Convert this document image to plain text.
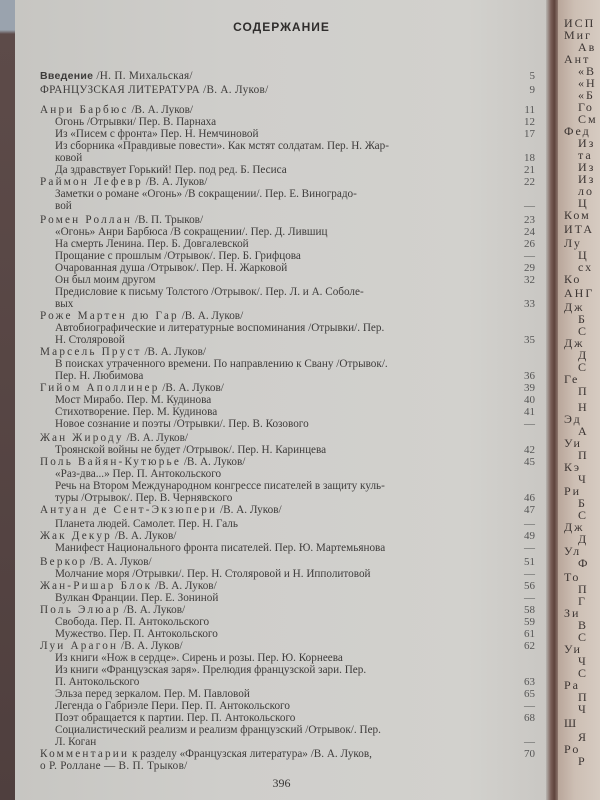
СОДЕРЖАНИЕ
Введение /Н. П. Михальская/	5
ФРАНЦУЗСКАЯ ЛИТЕРАТУРА /В. А. Луков/	9
Анри Барбюс /В. А. Луков/	11
Огонь /Отрывки/ Пер. В. Парнаха	12
Из «Писем с фронта» Пер. Н. Немчиновой	17
Из сборника «Правдивые повести». Как мстят солдатам. Пер. Н. Жар-
ковой	18
Да здравствует Горький! Пер. под ред. Б. Песиса	21
Раймон Лефевр /В. А. Луков/	22
Заметки о романе «Огонь» /В сокращении/. Пер. Е. Виноградо-
вой	—
Ромен Роллан /В. П. Трыков/	23
«Огонь» Анри Барбюса /В сокращении/. Пер. Д. Лившиц	24
На смерть Ленина. Пер. Б. Довгалевской	26
Прощание с прошлым /Отрывок/. Пер. Б. Грифцова	—
Очарованная душа /Отрывок/. Пер. Н. Жарковой	29
Он был моим другом	32
Предисловие к письму Толстого /Отрывок/. Пер. Л. и А. Соболе-
вых	33
Роже Мартен дю Гар /В. А. Луков/
Автобиографические и литературные воспоминания /Отрывки/. Пер.
Н. Столяровой	35
Марсель Пруст /В. А. Луков/
В поисках утраченного времени. По направлению к Свану /Отрывок/.
Пер. Н. Любимова	36
Гийом Аполлинер /В. А. Луков/	39
Мост Мирабо. Пер. М. Кудинова	40
Стихотворение. Пер. М. Кудинова	41
Новое сознание и поэты /Отрывки/. Пер. В. Козового	—
Жан Жироду /В. А. Луков/
Троянской войны не будет /Отрывок/. Пер. Н. Каринцева	42
Поль Вайян-Кутюрье /В. А. Луков/	45
«Раз-два...» Пер. П. Антокольского
Речь на Втором Международном конгрессе писателей в защиту куль-
туры /Отрывок/. Пер. В. Чернявского	46
Антуан де Сент-Экзюпери /В. А. Луков/	47
Планета людей. Самолет. Пер. Н. Галь	—
Жак Декур /В. А. Луков/	49
Манифест Национального фронта писателей. Пер. Ю. Мартемьянова	—
Веркор /В. А. Луков/	51
Молчание моря /Отрывки/. Пер. Н. Столяровой и Н. Ипполитовой	—
Жан-Ришар Блок /В. А. Луков/	56
Вулкан Франции. Пер. Е. Зониной	—
Поль Элюар /В. А. Луков/	58
Свобода. Пер. П. Антокольского	59
Мужество. Пер. П. Антокольского	61
Луи Арагон /В. А. Луков/	62
Из книги «Нож в сердце». Сирень и розы. Пер. Ю. Корнеева
Из книги «Французская заря». Прелюдия французской зари. Пер.
П. Антокольского	63
Эльза перед зеркалом. Пер. М. Павловой	65
Легенда о Габриэле Пери. Пер. П. Антокольского	—
Поэт обращается к партии. Пер. П. Антокольского	68
Социалистический реализм и реализм французский /Отрывок/. Пер.
Л. Коган	—
Комментарии к разделу «Французская литература» /В. А. Луков,	70
о Р. Роллане — В. П. Трыков/
396
ИСП
Миг
Ав
Ант
«В
«Н
«Б
Го
См
Фед
Из
та
Из
Из
ло
Ц
Ком
ИТА
Лу
Ц
сх
Ко
АНГ
Дж
Б
С
Дж
Д
С
Ге
П
Н
Эд
А
Уи
П
Кэ
Ч
Ри
Б
С
Дж
Д
Ул
Ф
То
П
Г
Зи
В
С
Уи
Ч
С
Ра
П
Ч
Ш
Я
Ро
Р
